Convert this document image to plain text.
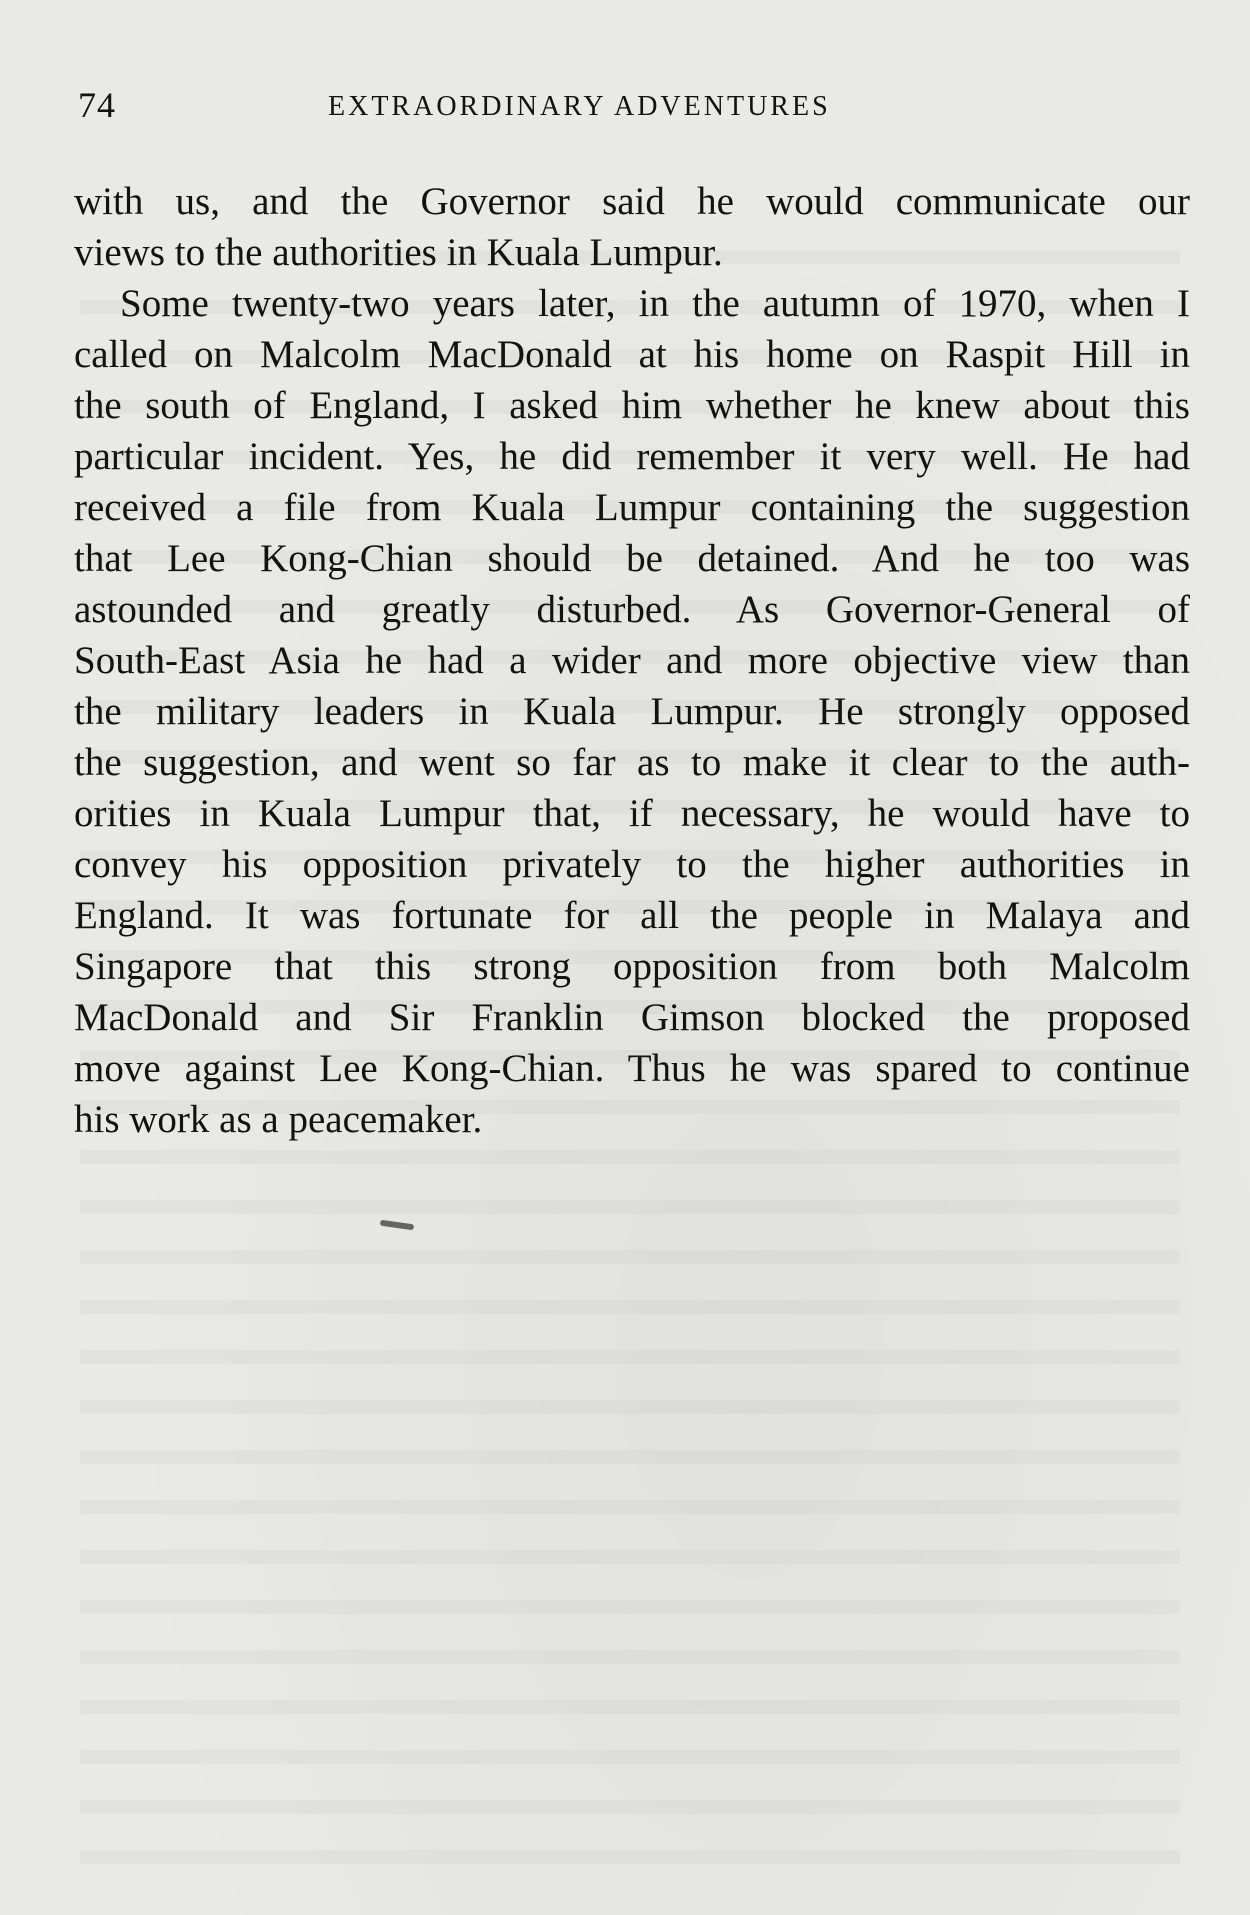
74	EXTRAORDINARY ADVENTURES
with us, and the Governor said he would communicate our
views to the authorities in Kuala Lumpur.
Some twenty-two years later, in the autumn of 1970, when I
called on Malcolm MacDonald at his home on Raspit Hill in
the south of England, I asked him whether he knew about this
particular incident. Yes, he did remember it very well. He had
received a file from Kuala Lumpur containing the suggestion
that Lee Kong-Chian should be detained. And he too was
astounded and greatly disturbed. As Governor-General of
South-East Asia he had a wider and more objective view than
the military leaders in Kuala Lumpur. He strongly opposed
the suggestion, and went so far as to make it clear to the auth-
orities in Kuala Lumpur that, if necessary, he would have to
convey his opposition privately to the higher authorities in
England. It was fortunate for all the people in Malaya and
Singapore that this strong opposition from both Malcolm
MacDonald and Sir Franklin Gimson blocked the proposed
move against Lee Kong-Chian. Thus he was spared to continue
his work as a peacemaker.
